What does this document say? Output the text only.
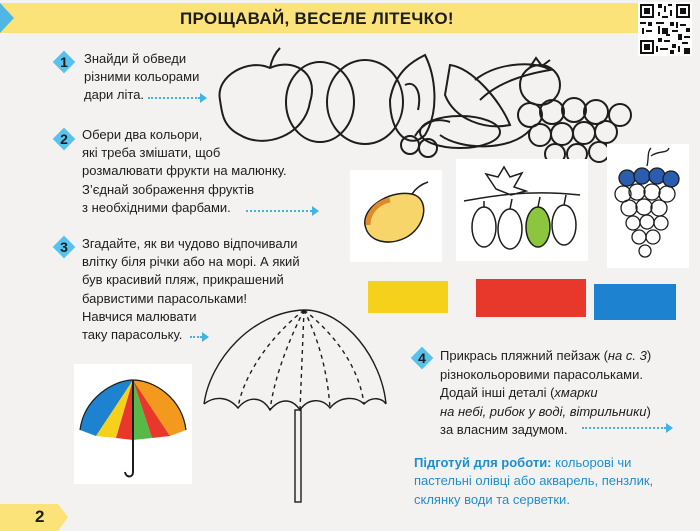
ПРОЩАВАЙ, ВЕСЕЛЕ ЛІТЕЧКО!
1	Знайди й обведи
різними кольорами
дари літа.
2	Обери два кольори,
які треба змішати, щоб
розмалювати фрукти на малюнку.
З’єднай зображення фруктів
з необхідними фарбами.
3	Згадайте, як ви чудово відпочивали
влітку біля річки або на морі. А який
був красивий пляж, прикрашений
барвистими парасольками!
Навчися малювати
таку парасольку.
4	Прикрась пляжний пейзаж (на с. 3)
різнокольоровими парасольками.
Додай інші деталі (хмарки
на небі, рибок у воді, вітрильники)
за власним задумом.
Підготуй для роботи: кольорові чи
пастельні олівці або акварель, пензлик,
склянку води та серветки.
2
